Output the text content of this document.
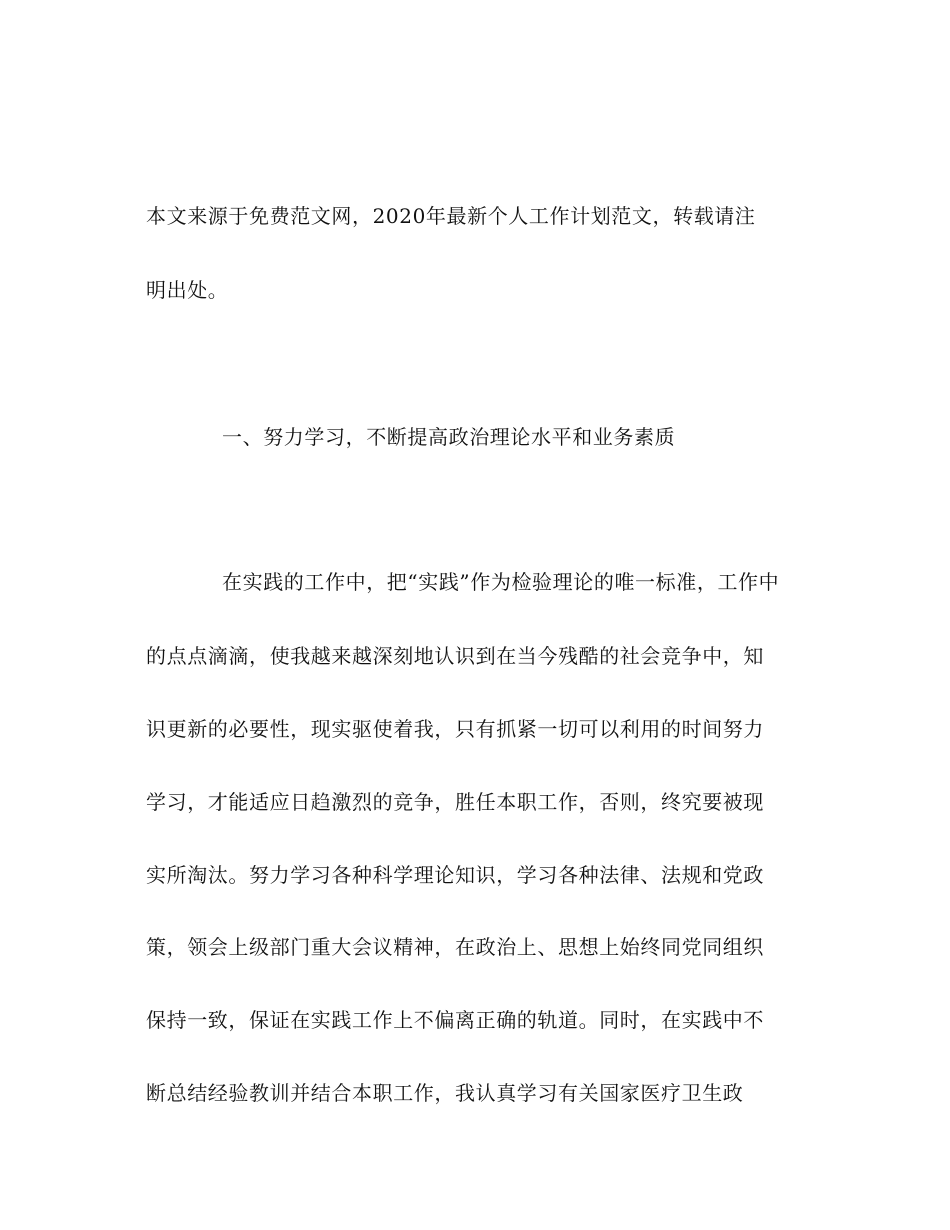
本文来源于免费范文网，2020年最新个人工作计划范文，转载请注
明出处。
一、努力学习，不断提高政治理论水平和业务素质
在实践的工作中，把“实践”作为检验理论的唯一标准，工作中
的点点滴滴，使我越来越深刻地认识到在当今残酷的社会竞争中，知
识更新的必要性，现实驱使着我，只有抓紧一切可以利用的时间努力
学习，才能适应日趋激烈的竞争，胜任本职工作，否则，终究要被现
实所淘汰。努力学习各种科学理论知识，学习各种法律、法规和党政
策，领会上级部门重大会议精神，在政治上、思想上始终同党同组织
保持一致，保证在实践工作上不偏离正确的轨道。同时，在实践中不
断总结经验教训并结合本职工作，我认真学习有关国家医疗卫生政
